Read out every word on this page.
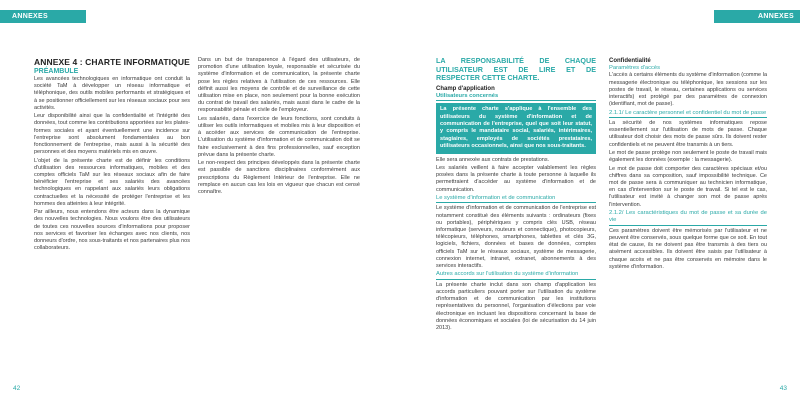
ANNEXES	ANNEXES
ANNEXE 4 : CHARTE INFORMATIQUE
PRÉAMBULE

Les avancées technologiques en informatique ont conduit la société TaM à développer un réseau informatique et téléphonique, des outils mobiles performants et stratégiques et à se positionner officiellement sur les réseaux sociaux pour ses activités.

Leur disponibilité ainsi que la confidentialité et l'intégrité des données, tout comme les contributions apportées sur les plates-formes sociales et ayant éventuellement une incidence sur l'entreprise sont absolument fondamentales au bon fonctionnement de l'entreprise, mais aussi à la sécurité des personnes et des moyens matériels mis en œuvre.

L'objet de la présente charte est de définir les conditions d'utilisation des ressources informatiques, mobiles et des comptes officiels TaM sur les réseaux sociaux afin de faire bénéficier l'entreprise et ses salariés des avancées technologiques en rappelant aux salariés leurs obligations contractuelles et la nécessité de protéger l'entreprise et les hommes des atteintes à leur intégrité.

Par ailleurs, nous entendons être acteurs dans la dynamique des nouvelles technologies. Nous voulons être des utilisateurs de toutes ces nouvelles sources d'informations pour proposer nos services et favoriser les échanges avec nos clients, nos donneurs d'ordre, nos sous-traitants et nos partenaires plus nos collaborateurs.

Dans un but de transparence à l'égard des utilisateurs, de promotion d'une utilisation loyale, responsable et sécurisée du système d'information et de communication, la présente charte pose les règles relatives à l'utilisation de ces ressources. Elle définit aussi les moyens de contrôle et de surveillance de cette utilisation mise en place, non seulement pour la bonne exécution du contrat de travail des salariés, mais aussi dans le cadre de la responsabilité pénale et civile de l'employeur.

Les salariés, dans l'exercice de leurs fonctions, sont conduits à utiliser les outils informatiques et mobiles mis à leur disposition et à accéder aux services de communication de l'entreprise. L'utilisation du système d'information et de communication doit se faire exclusivement à des fins professionnelles, sauf exception prévue dans la présente charte.

Le non-respect des principes développés dans la présente charte est passible de sanctions disciplinaires conformément aux prescriptions du Règlement Intérieur de l'entreprise. Elle ne remplace en aucun cas les lois en vigueur que chacun est censé connaître.

LA RESPONSABILITÉ DE CHAQUE UTILISATEUR EST DE LIRE ET DE RESPECTER CETTE CHARTE.
Champ d'application
Utilisateurs concernés
La présente charte s'applique à l'ensemble des utilisateurs du système d'information et de communication de l'entreprise, quel que soit leur statut, y compris le mandataire social, salariés, intérimaires, stagiaires, employés de sociétés prestataires, utilisateurs occasionnels, ainsi que nos sous-traitants.

Elle sera annexée aux contrats de prestations.

Les salariés veillent à faire accepter valablement les règles posées dans la présente charte à toute personne à laquelle ils permettraient d'accéder au système d'information et de communication.

Le système d'information et de communication

Le système d'information et de communication de l'entreprise est notamment constitué des éléments suivants : ordinateurs (fixes ou portables), périphériques y compris clés USB, réseau informatique (serveurs, routeurs et connectique), photocopieurs, télécopieurs, téléphones, smartphones, tablettes et clés 3G, logiciels, fichiers, données et bases de données, comptes officiels TaM sur le réseaux sociaux, système de messagerie, connexion internet, intranet, extranet, abonnements à des services interactifs.

Autres accords sur l'utilisation du système d'information

La présente charte inclut dans son champ d'application les accords particuliers pouvant porter sur l'utilisation du système d'information et de communication par les institutions représentatives du personnel, l'organisation d'élections par voie électronique en incluant les dispositions concernant la base de données économiques et sociales (loi de sécurisation du 14 juin 2013).

Confidentialité
Paramètres d'accès

L'accès à certains éléments du système d'information (comme la messagerie électronique ou téléphonique, les sessions sur les postes de travail, le réseau, certaines applications ou services interactifs) est protégé par des paramètres de connexion (identifiant, mot de passe).

2.1.1/ Le caractère personnel et confidentiel du mot de passe

La sécurité de nos systèmes informatiques repose essentiellement sur l'utilisation de mots de passe. Chaque utilisateur doit choisir des mots de passe sûrs. Ils doivent rester confidentiels et ne peuvent être transmis à un tiers.

Le mot de passe protège non seulement le poste de travail mais également les données (exemple : la messagerie).

Le mot de passe doit comporter des caractères spéciaux et/ou chiffres dans sa composition, sauf impossibilité technique. Ce mot de passe sera à communiquer au technicien informatique, en cas d'intervention sur le poste de travail. Si tel est le cas, l'utilisateur est invité à changer son mot de passe après l'intervention.

2.1.2/ Les caractéristiques du mot de passe et sa durée de vie

Ces paramètres doivent être mémorisés par l'utilisateur et ne peuvent être conservés, sous quelque forme que ce soit. En tout état de cause, ils ne doivent pas être transmis à des tiers ou aisément accessibles. Ils doivent être saisis par l'utilisateur à chaque accès et ne pas être conservés en mémoire dans le système d'information.

42	43
